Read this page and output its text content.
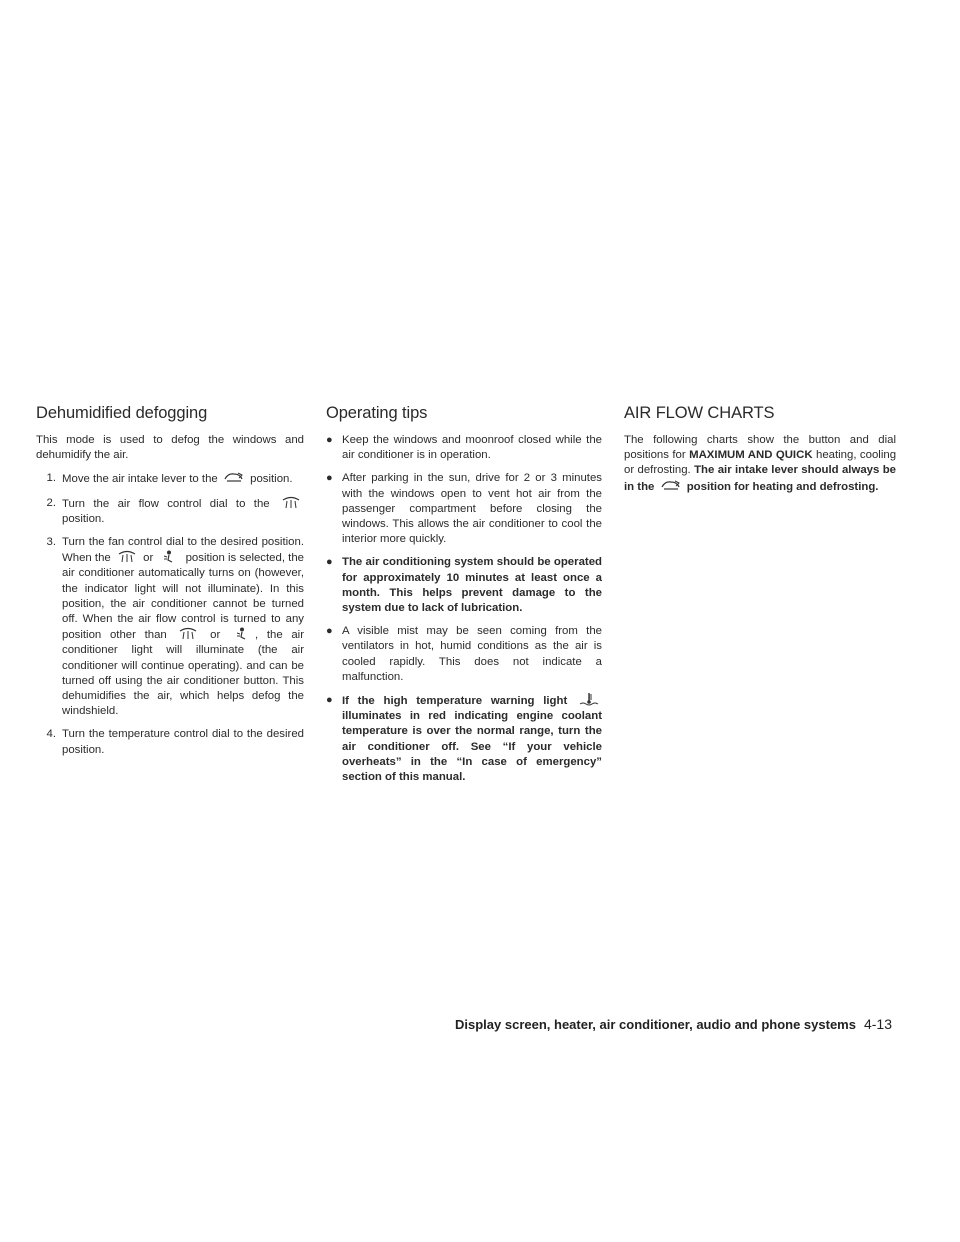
Dehumidified defogging

This mode is used to defog the windows and dehumidify the air.

1. Move the air intake lever to the	position.
2. Turn the air flow control dial to the
position.
3. Turn the fan control dial to the desired position. When the	or	position is selected, the air conditioner automatically turns on (however, the indicator light will not illuminate). In this position, the air conditioner cannot be turned off. When the air flow control is turned to any position other than	or	, the air conditioner light will illuminate (the air conditioner will continue operating). and can be turned off using the air conditioner button. This dehumidifies the air, which helps defog the windshield.
4. Turn the temperature control dial to the desired position.
Operating tips
● Keep the windows and moonroof closed while the air conditioner is in operation.
● After parking in the sun, drive for 2 or 3 minutes with the windows open to vent hot air from the passenger compartment before closing the windows. This allows the air conditioner to cool the interior more quickly.
● The air conditioning system should be operated for approximately 10 minutes at least once a month. This helps prevent damage to the system due to lack of lubrication.
● A visible mist may be seen coming from the ventilators in hot, humid conditions as the air is cooled rapidly. This does not indicate a malfunction.
● If the high temperature warning light
illuminates in red indicating engine coolant temperature is over the normal range, turn the air conditioner off. See “If your vehicle overheats” in the “In case of emergency” section of this manual.
AIR FLOW CHARTS

The following charts show the button and dial positions for MAXIMUM AND QUICK heating, cooling or defrosting. The air intake lever should always be in the	position for heating and defrosting.

Display screen, heater, air conditioner, audio and phone systems 4-13
